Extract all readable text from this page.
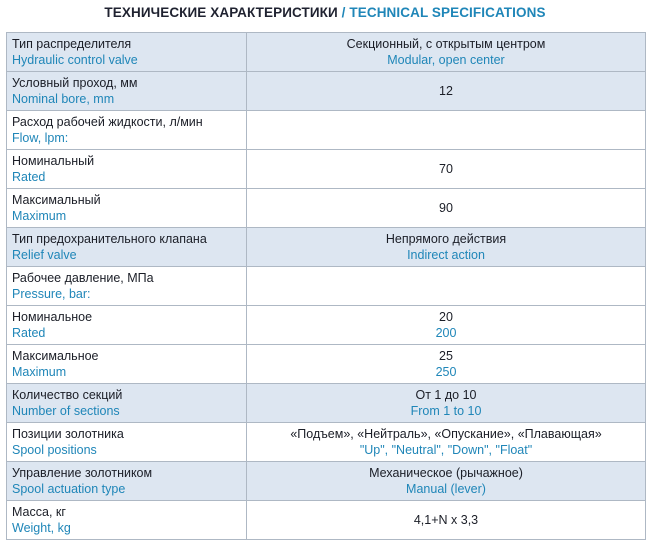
ТЕХНИЧЕСКИЕ ХАРАКТЕРИСТИКИ / TECHNICAL SPECIFICATIONS
Тип распределителя
Hydraulic control valve	Секционный, с открытым центром
Modular, open center

Условный проход, мм
Nominal bore, mm	12

Расход рабочей жидкости, л/мин
Flow, lpm:	

Номинальный
Rated	70

Максимальный
Maximum	90

Тип предохранительного клапана
Relief valve	Непрямого действия
Indirect action

Рабочее давление, МПа
Pressure, bar:	

Номинальное
Rated	20
200

Максимальное
Maximum	25
250

Количество секций
Number of sections	От 1 до 10
From 1 to 10

Позиции золотника
Spool positions	«Подъем», «Нейтраль», «Опускание», «Плавающая»
"Up", "Neutral", "Down", "Float"

Управление золотником
Spool actuation type	Механическое (рычажное)
Manual (lever)

Масса, кг
Weight, kg	4,1+N x 3,3
